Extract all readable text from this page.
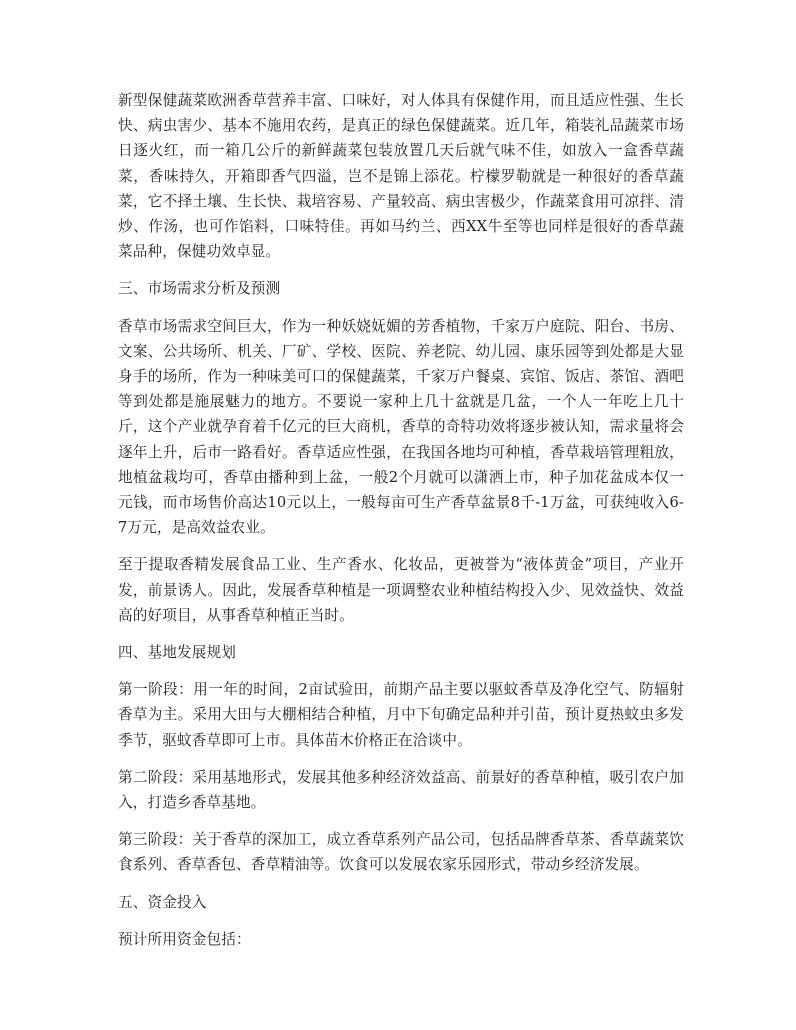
新型保健蔬菜欧洲香草营养丰富、口味好，对人体具有保健作用，而且适应性强、生长快、病虫害少、基本不施用农药，是真正的绿色保健蔬菜。近几年，箱装礼品蔬菜市场日逐火红，而一箱几公斤的新鲜蔬菜包装放置几天后就气味不佳，如放入一盒香草蔬菜，香味持久，开箱即香气四溢，岂不是锦上添花。柠檬罗勒就是一种很好的香草蔬菜，它不择土壤、生长快、栽培容易、产量较高、病虫害极少，作蔬菜食用可凉拌、清炒、作汤，也可作馅料，口味特佳。再如马约兰、西XX牛至等也同样是很好的香草蔬菜品种，保健功效卓显。

三、市场需求分析及预测

香草市场需求空间巨大，作为一种妖娆妩媚的芳香植物，千家万户庭院、阳台、书房、文案、公共场所、机关、厂矿、学校、医院、养老院、幼儿园、康乐园等到处都是大显身手的场所，作为一种味美可口的保健蔬菜，千家万户餐桌、宾馆、饭店、茶馆、酒吧等到处都是施展魅力的地方。不要说一家种上几十盆就是几盆，一个人一年吃上几十斤，这个产业就孕育着千亿元的巨大商机，香草的奇特功效将逐步被认知，需求量将会逐年上升，后市一路看好。香草适应性强，在我国各地均可种植，香草栽培管理粗放，地植盆栽均可，香草由播种到上盆，一般2个月就可以潇洒上市，种子加花盆成本仅一元钱，而市场售价高达10元以上，一般每亩可生产香草盆景8千-1万盆，可获纯收入6-7万元，是高效益农业。

至于提取香精发展食品工业、生产香水、化妆品，更被誉为“液体黄金”项目，产业开发，前景诱人。因此，发展香草种植是一项调整农业种植结构投入少、见效益快、效益高的好项目，从事香草种植正当时。

四、基地发展规划

第一阶段：用一年的时间，2亩试验田，前期产品主要以驱蚊香草及净化空气、防辐射香草为主。采用大田与大棚相结合种植，月中下旬确定品种并引苗，预计夏热蚊虫多发季节，驱蚊香草即可上市。具体苗木价格正在洽谈中。

第二阶段：采用基地形式，发展其他多种经济效益高、前景好的香草种植，吸引农户加入，打造乡香草基地。

第三阶段：关于香草的深加工，成立香草系列产品公司，包括品牌香草茶、香草蔬菜饮食系列、香草香包、香草精油等。饮食可以发展农家乐园形式，带动乡经济发展。

五、资金投入

预计所用资金包括：
